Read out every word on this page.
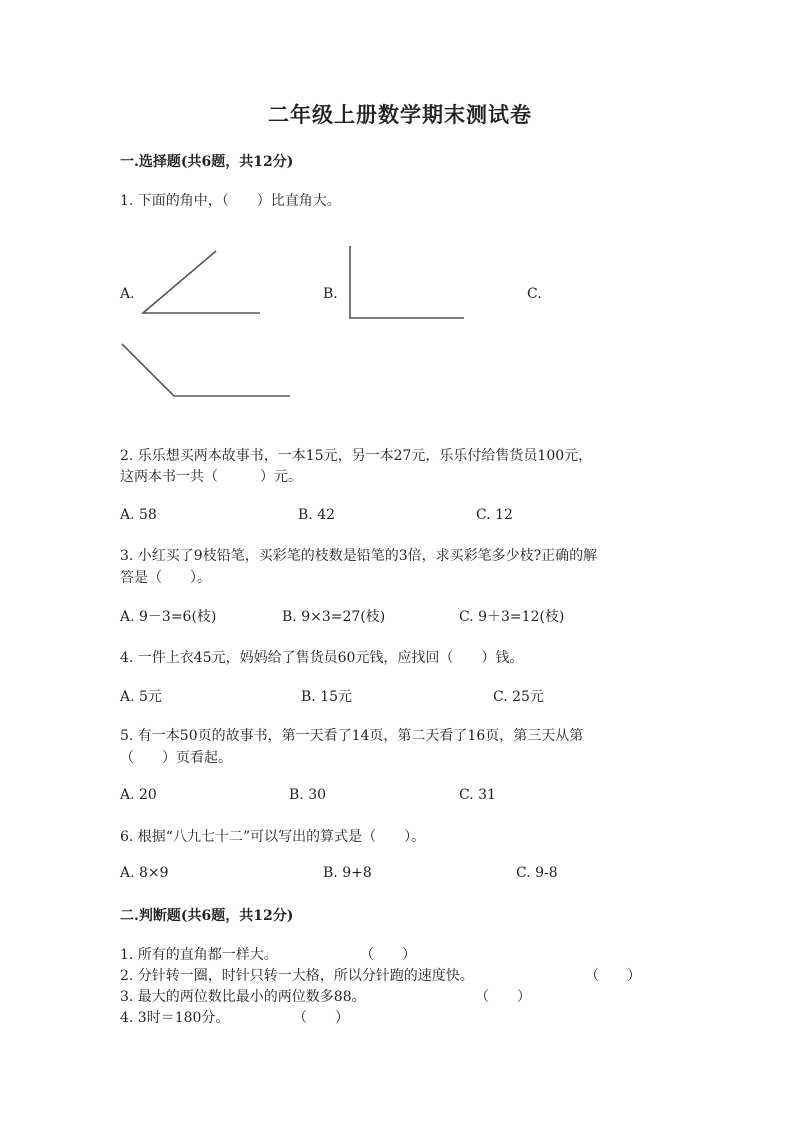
二年级上册数学期末测试卷
一.选择题(共6题，共12分)
1. 下面的角中，（　　）比直角大。
A.	B.	C.
2. 乐乐想买两本故事书，一本15元，另一本27元，乐乐付给售货员100元，
这两本书一共（　　　）元。
A. 58	B. 42	C. 12
3. 小红买了9枝铅笔，买彩笔的枝数是铅笔的3倍，求买彩笔多少枝?正确的解
答是（　　）。
A. 9－3=6(枝)	B. 9×3=27(枝)	C. 9＋3=12(枝)
4. 一件上衣45元，妈妈给了售货员60元钱，应找回（　　）钱。
A. 5元	B. 15元	C. 25元
5. 有一本50页的故事书，第一天看了14页，第二天看了16页，第三天从第
（　　）页看起。
A. 20	B. 30	C. 31
6. 根据“八九七十二”可以写出的算式是（　　）。
A. 8×9	B. 9+8	C. 9-8
二.判断题(共6题，共12分)
1. 所有的直角都一样大。	（　　）
2. 分针转一圈，时针只转一大格，所以分针跑的速度快。	（　　）
3. 最大的两位数比最小的两位数多88。	（　　）
4. 3时＝180分。	（　　）
